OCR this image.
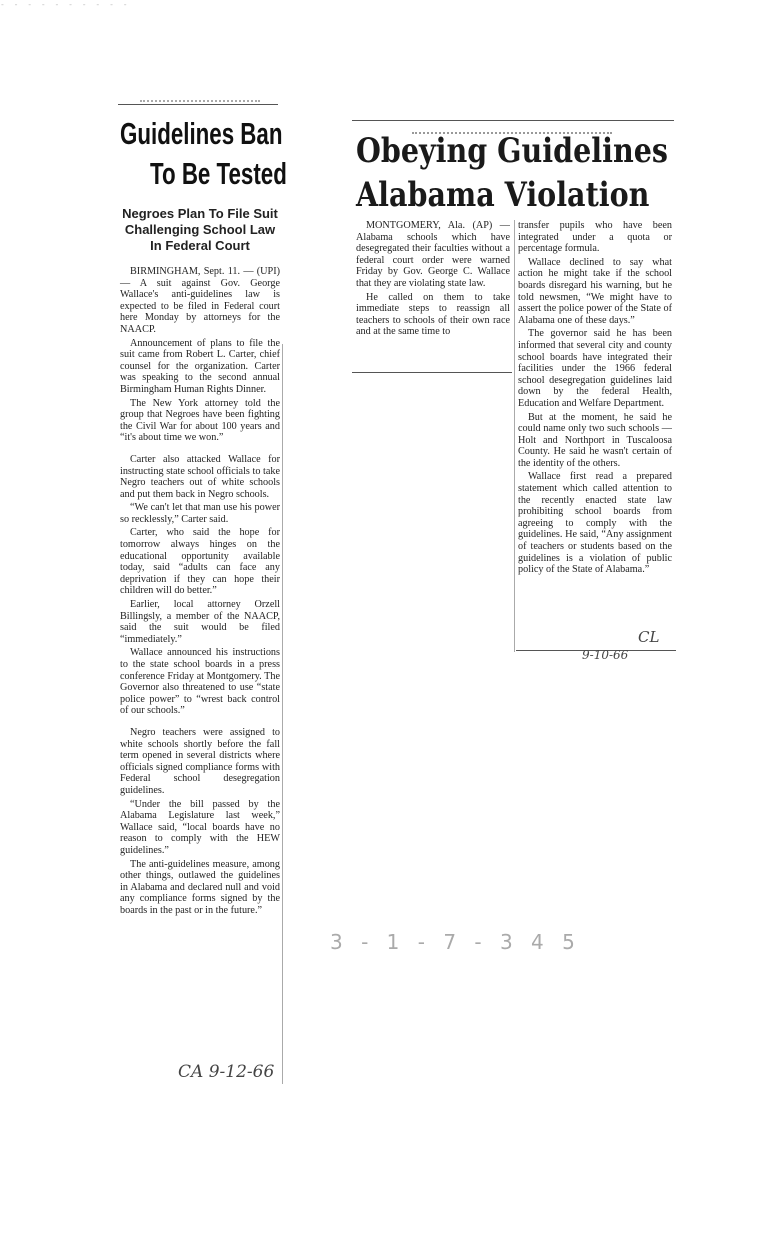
- - - - - - - - - -
Guidelines Ban
To Be Tested
Negroes Plan To File Suit
Challenging School Law
In Federal Court

BIRMINGHAM, Sept. 11. — (UPI) — A suit against Gov. George Wallace's anti-guidelines law is expected to be filed in Federal court here Monday by attorneys for the NAACP.

Announcement of plans to file the suit came from Robert L. Carter, chief counsel for the organization. Carter was speaking to the second annual Birmingham Human Rights Dinner.

The New York attorney told the group that Negroes have been fighting the Civil War for about 100 years and “it's about time we won.”

Carter also attacked Wallace for instructing state school officials to take Negro teachers out of white schools and put them back in Negro schools.

“We can't let that man use his power so recklessly,” Carter said.

Carter, who said the hope for tomorrow always hinges on the educational opportunity available today, said “adults can face any deprivation if they can hope their children will do better.”

Earlier, local attorney Orzell Billingsly, a member of the NAACP, said the suit would be filed “immediately.”

Wallace announced his instructions to the state school boards in a press conference Friday at Montgomery. The Governor also threatened to use “state police power” to “wrest back control of our schools.”

Negro teachers were assigned to white schools shortly before the fall term opened in several districts where officials signed compliance forms with Federal school desegregation guidelines.

“Under the bill passed by the Alabama Legislature last week,” Wallace said, “local boards have no reason to comply with the HEW guidelines.”

The anti-guidelines measure, among other things, outlawed the guidelines in Alabama and declared null and void any compliance forms signed by the boards in the past or in the future.”

CA 9-12-66
Obeying Guidelines
Alabama Violation

MONTGOMERY, Ala. (AP) — Alabama schools which have desegregated their faculties without a federal court order were warned Friday by Gov. George C. Wallace that they are violating state law.

He called on them to take immediate steps to reassign all teachers to schools of their own race and at the same time to

transfer pupils who have been integrated under a quota or percentage formula.

Wallace declined to say what action he might take if the school boards disregard his warning, but he told newsmen, “We might have to assert the police power of the State of Alabama one of these days.”

The governor said he has been informed that several city and county school boards have integrated their facilities under the 1966 federal school desegregation guidelines laid down by the federal Health, Education and Welfare Department.

But at the moment, he said he could name only two such schools — Holt and Northport in Tuscaloosa County. He said he wasn't certain of the identity of the others.

Wallace first read a prepared statement which called attention to the recently enacted state law prohibiting school boards from agreeing to comply with the guidelines. He said, “Any assignment of teachers or students based on the guidelines is a violation of public policy of the State of Alabama.”

CL
9-10-66
3 - 1 - 7 - 3 4 5
